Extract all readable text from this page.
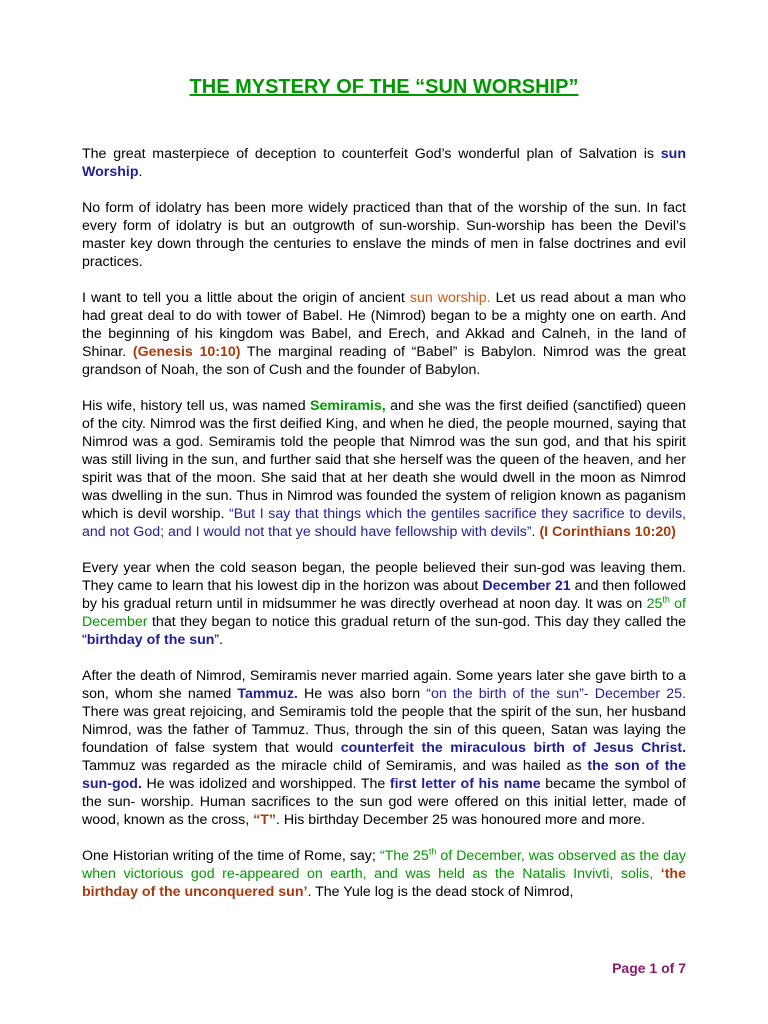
THE MYSTERY OF THE “SUN WORSHIP”

The great masterpiece of deception to counterfeit God’s wonderful plan of Salvation is sun Worship.

No form of idolatry has been more widely practiced than that of the worship of the sun. In fact every form of idolatry is but an outgrowth of sun-worship. Sun-worship has been the Devil’s master key down through the centuries to enslave the minds of men in false doctrines and evil practices.

I want to tell you a little about the origin of ancient sun worship. Let us read about a man who had great deal to do with tower of Babel. He (Nimrod) began to be a mighty one on earth. And the beginning of his kingdom was Babel, and Erech, and Akkad and Calneh, in the land of Shinar. (Genesis 10:10) The marginal reading of “Babel” is Babylon. Nimrod was the great grandson of Noah, the son of Cush and the founder of Babylon.

His wife, history tell us, was named Semiramis, and she was the first deified (sanctified) queen of the city. Nimrod was the first deified King, and when he died, the people mourned, saying that Nimrod was a god. Semiramis told the people that Nimrod was the sun god, and that his spirit was still living in the sun, and further said that she herself was the queen of the heaven, and her spirit was that of the moon. She said that at her death she would dwell in the moon as Nimrod was dwelling in the sun. Thus in Nimrod was founded the system of religion known as paganism which is devil worship. “But I say that things which the gentiles sacrifice they sacrifice to devils, and not God; and I would not that ye should have fellowship with devils”. (I Corinthians 10:20)

Every year when the cold season began, the people believed their sun-god was leaving them. They came to learn that his lowest dip in the horizon was about December 21 and then followed by his gradual return until in midsummer he was directly overhead at noon day. It was on 25th of December that they began to notice this gradual return of the sun-god. This day they called the “birthday of the sun”.

After the death of Nimrod, Semiramis never married again. Some years later she gave birth to a son, whom she named Tammuz. He was also born “on the birth of the sun”- December 25. There was great rejoicing, and Semiramis told the people that the spirit of the sun, her husband Nimrod, was the father of Tammuz. Thus, through the sin of this queen, Satan was laying the foundation of false system that would counterfeit the miraculous birth of Jesus Christ. Tammuz was regarded as the miracle child of Semiramis, and was hailed as the son of the sun-god. He was idolized and worshipped. The first letter of his name became the symbol of the sun- worship. Human sacrifices to the sun god were offered on this initial letter, made of wood, known as the cross, “T”. His birthday December 25 was honoured more and more.

One Historian writing of the time of Rome, say; “The 25th of December, was observed as the day when victorious god re-appeared on earth, and was held as the Natalis Invivti, solis, ‘the birthday of the unconquered sun’. The Yule log is the dead stock of Nimrod,

Page 1 of 7
